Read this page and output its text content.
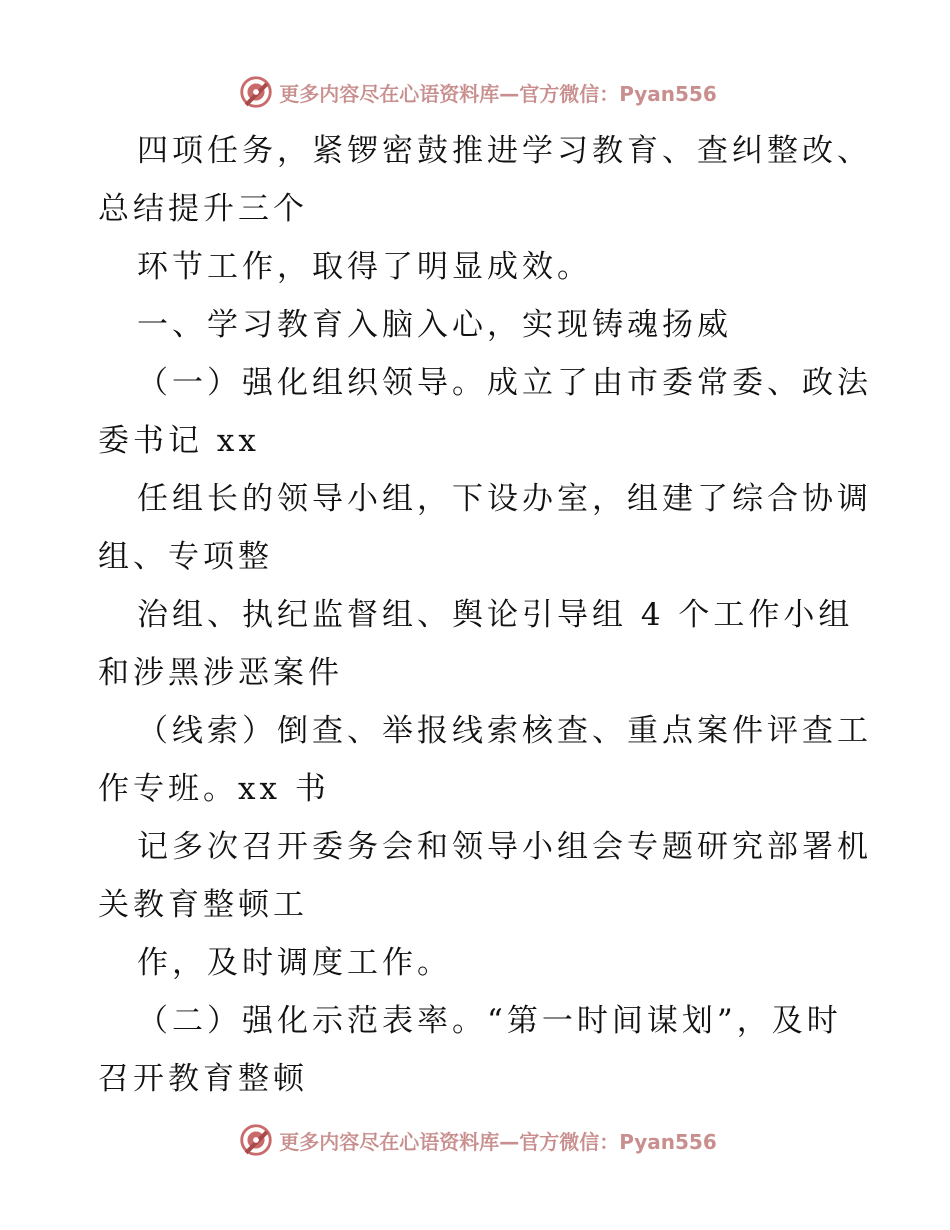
更多内容尽在心语资料库—官方微信：Pyan556
四项任务，紧锣密鼓推进学习教育、查纠整改、
总结提升三个
环节工作，取得了明显成效。
一、学习教育入脑入心，实现铸魂扬威
（一）强化组织领导。成立了由市委常委、政法
委书记 xx
任组长的领导小组，下设办室，组建了综合协调
组、专项整
治组、执纪监督组、舆论引导组 4 个工作小组
和涉黑涉恶案件
（线索）倒查、举报线索核查、重点案件评查工
作专班。xx 书
记多次召开委务会和领导小组会专题研究部署机
关教育整顿工
作，及时调度工作。
（二）强化示范表率。“第一时间谋划”，及时
召开教育整顿
更多内容尽在心语资料库—官方微信：Pyan556
